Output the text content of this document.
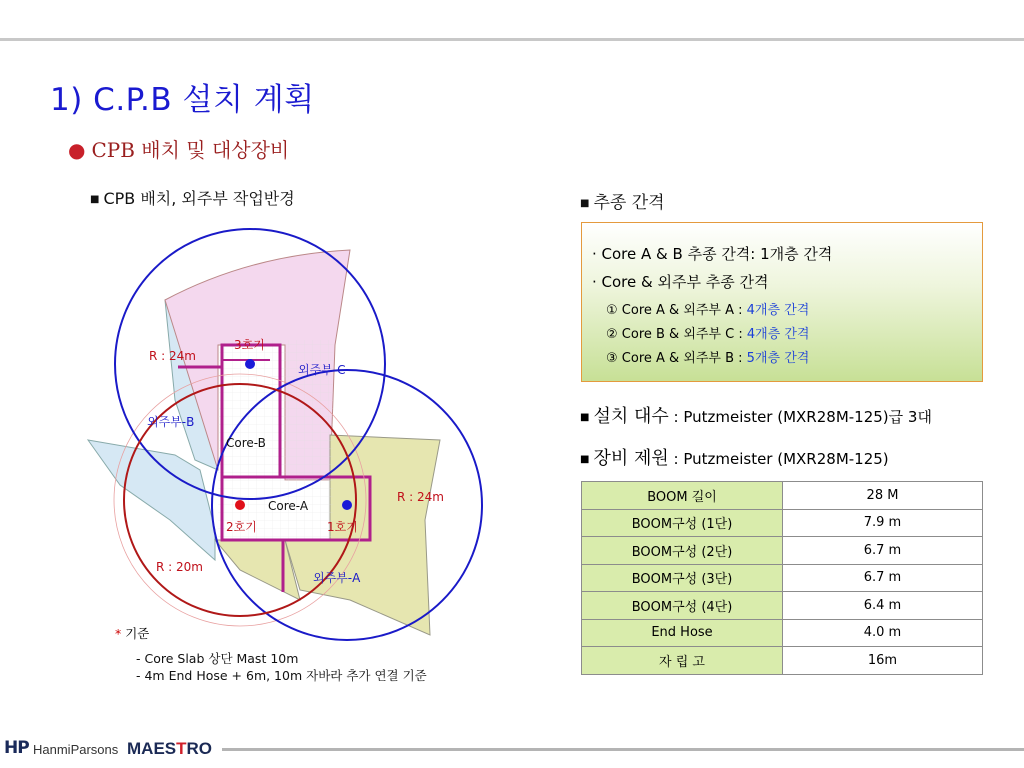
1) C.P.B 설치 계획
● CPB 배치 및 대상장비
■ CPB 배치, 외주부 작업반경	■ 추종 간격
3호기
2호기	1호기
Core-A
Core-B
외주부-A
외주부-B
외주부-C
R : 24m
R : 24m
R : 20m
* 기준
- Core Slab 상단 Mast 10m
- 4m End Hose + 6m, 10m 자바라 추가 연결 기준
· Core A & B 추종 간격: 1개층 간격
· Core & 외주부 추종 간격
① Core A & 외주부 A : 4개층 간격
② Core B & 외주부 C : 4개층 간격
③ Core A & 외주부 B : 5개층 간격
■ 설치 대수 : Putzmeister (MXR28M-125)급 3대
■ 장비 제원 : Putzmeister (MXR28M-125)
BOOM 길이	28 M
BOOM구성 (1단)	7.9 m
BOOM구성 (2단)	6.7 m
BOOM구성 (3단)	6.7 m
BOOM구성 (4단)	6.4 m
End Hose	4.0 m
자 립 고	16m
HP HanmiParsons MAESTRO
